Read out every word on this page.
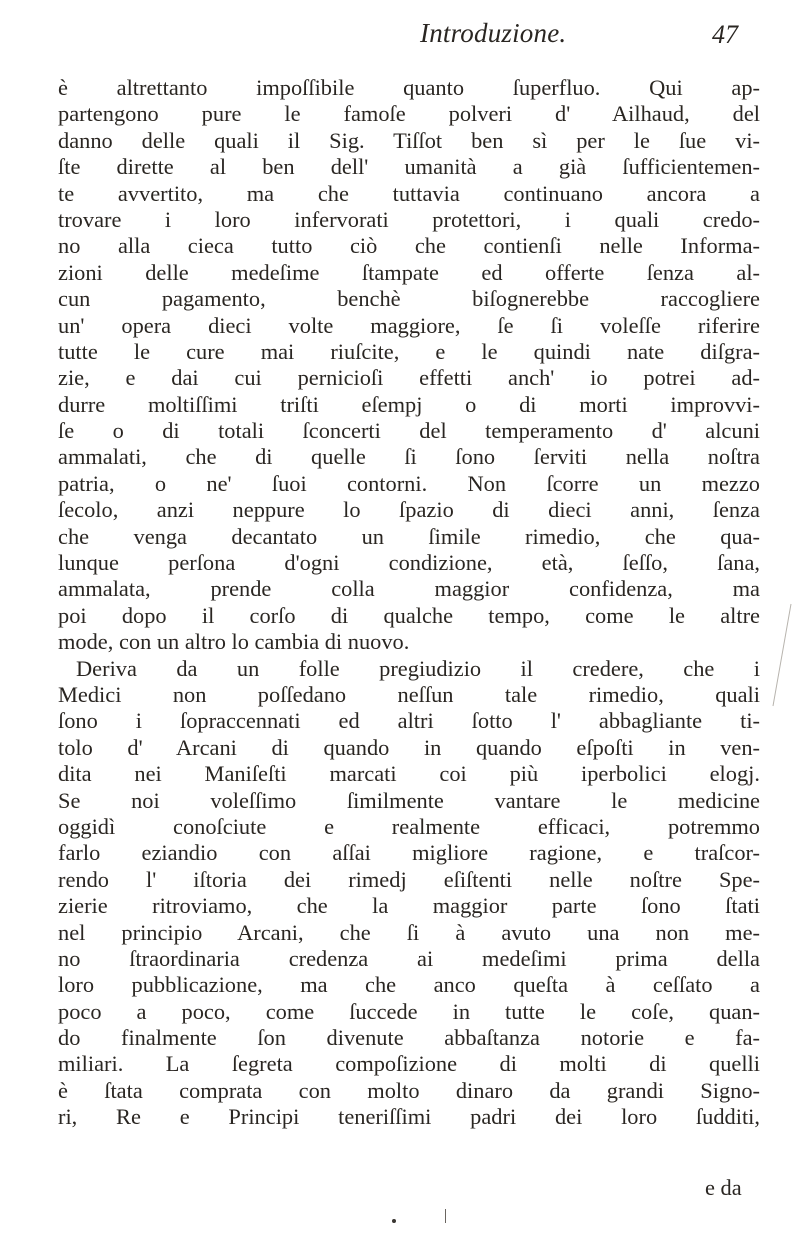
Introduzione.	47
è altrettanto impoſſibile quanto ſuperfluo. Qui ap-
partengono pure le famoſe polveri d' Ailhaud, del
danno delle quali il Sig. Tiſſot ben sì per le ſue vi-
ſte dirette al ben dell' umanità a già ſufficientemen-
te avvertito, ma che tuttavia continuano ancora a
trovare i loro infervorati protettori, i quali credo-
no alla cieca tutto ciò che contienſi nelle Informa-
zioni delle medeſime ſtampate ed offerte ſenza al-
cun pagamento, benchè biſognerebbe raccogliere
un' opera dieci volte maggiore, ſe ſi voleſſe riferire
tutte le cure mai riuſcite, e le quindi nate diſgra-
zie, e dai cui pernicioſi effetti anch' io potrei ad-
durre moltiſſimi triſti eſempj o di morti improvvi-
ſe o di totali ſconcerti del temperamento d' alcuni
ammalati, che di quelle ſi ſono ſerviti nella noſtra
patria, o ne' ſuoi contorni. Non ſcorre un mezzo
ſecolo, anzi neppure lo ſpazio di dieci anni, ſenza
che venga decantato un ſimile rimedio, che qua-
lunque perſona d'ogni condizione, età, ſeſſo, ſana,
ammalata, prende colla maggior confidenza, ma
poi dopo il corſo di qualche tempo, come le altre
mode, con un altro lo cambia di nuovo.
Deriva da un folle pregiudizio il credere, che i
Medici non poſſedano neſſun tale rimedio, quali
ſono i ſopraccennati ed altri ſotto l' abbagliante ti-
tolo d' Arcani di quando in quando eſpoſti in ven-
dita nei Maniſeſti marcati coi più iperbolici elogj.
Se noi voleſſimo ſimilmente vantare le medicine
oggidì conoſciute e realmente efficaci, potremmo
farlo eziandio con aſſai migliore ragione, e traſcor-
rendo l' iſtoria dei rimedj eſiſtenti nelle noſtre Spe-
zierie ritroviamo, che la maggior parte ſono ſtati
nel principio Arcani, che ſi à avuto una non me-
no ſtraordinaria credenza ai medeſimi prima della
loro pubblicazione, ma che anco queſta à ceſſato a
poco a poco, come ſuccede in tutte le coſe, quan-
do finalmente ſon divenute abbaſtanza notorie e fa-
miliari. La ſegreta compoſizione di molti di quelli
è ſtata comprata con molto dinaro da grandi Signo-
ri, Re e Principi teneriſſimi padri dei loro ſudditi,
e da
